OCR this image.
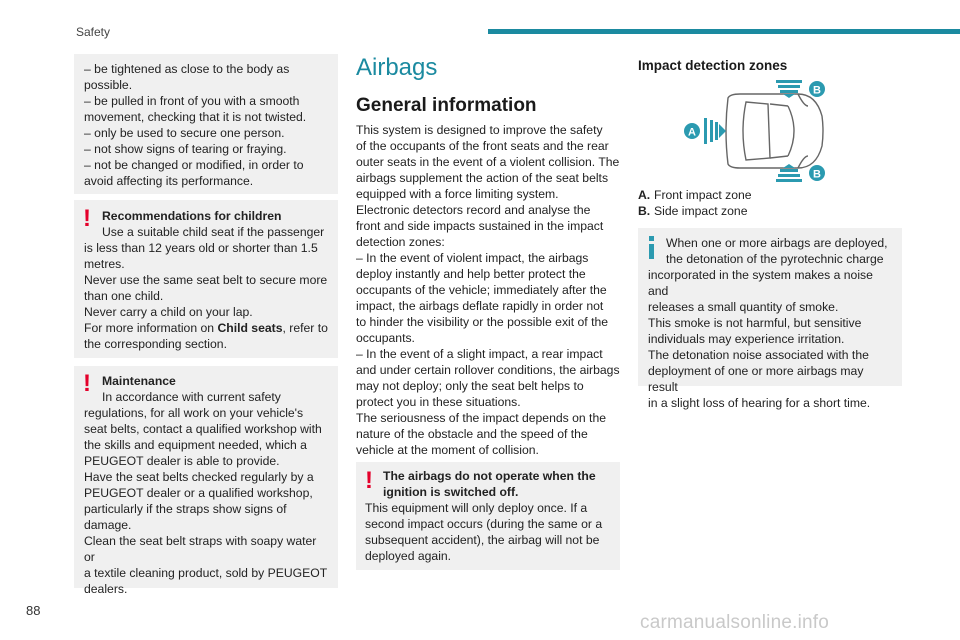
Safety

– be tightened as close to the body as

possible.

– be pulled in front of you with a smooth

movement, checking that it is not twisted.

– only be used to secure one person.

– not show signs of tearing or fraying.

– not be changed or modified, in order to

avoid affecting its performance.

! Recommendations for children

Use a suitable child seat if the passenger

is less than 12 years old or shorter than 1.5

metres.

Never use the same seat belt to secure more

than one child.

Never carry a child on your lap.

For more information on Child seats, refer to

the corresponding section.

! Maintenance

In accordance with current safety

regulations, for all work on your vehicle's

seat belts, contact a qualified workshop with

the skills and equipment needed, which a

PEUGEOT dealer is able to provide.

Have the seat belts checked regularly by a

PEUGEOT dealer or a qualified workshop,

particularly if the straps show signs of

damage.

Clean the seat belt straps with soapy water or

a textile cleaning product, sold by PEUGEOT

dealers.

Airbags
General information

This system is designed to improve the safety

of the occupants of the front seats and the rear

outer seats in the event of a violent collision. The

airbags supplement the action of the seat belts

equipped with a force limiting system.

Electronic detectors record and analyse the

front and side impacts sustained in the impact

detection zones:

– In the event of violent impact, the airbags

deploy instantly and help better protect the

occupants of the vehicle; immediately after the

impact, the airbags deflate rapidly in order not

to hinder the visibility or the possible exit of the

occupants.

– In the event of a slight impact, a rear impact

and under certain rollover conditions, the airbags

may not deploy; only the seat belt helps to

protect you in these situations.

The seriousness of the impact depends on the

nature of the obstacle and the speed of the

vehicle at the moment of collision.

! The airbags do not operate when the

ignition is switched off.

This equipment will only deploy once. If a

second impact occurs (during the same or a

subsequent accident), the airbag will not be

deployed again.

Impact detection zones
A
B
B

A. Front impact zone

B. Side impact zone

When one or more airbags are deployed,

the detonation of the pyrotechnic charge

incorporated in the system makes a noise and

releases a small quantity of smoke.

This smoke is not harmful, but sensitive

individuals may experience irritation.

The detonation noise associated with the

deployment of one or more airbags may result

in a slight loss of hearing for a short time.

88
carmanualsonline.info
